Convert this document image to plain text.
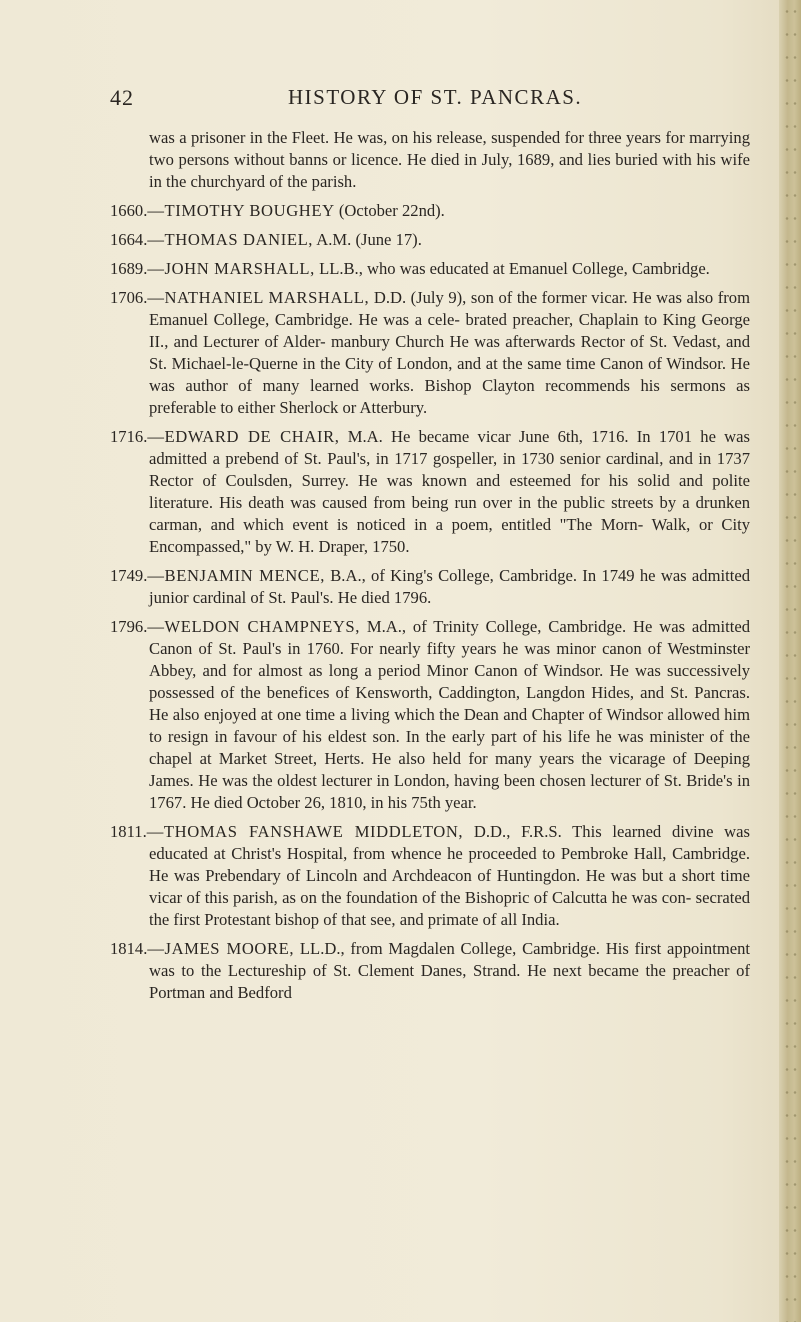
42	HISTORY OF ST. PANCRAS.

was a prisoner in the Fleet. He was, on his release, suspended for three years for marrying two persons without banns or licence. He died in July, 1689, and lies buried with his wife in the churchyard of the parish.

1660.—TIMOTHY BOUGHEY (October 22nd).

1664.—THOMAS DANIEL, A.M. (June 17).

1689.—JOHN MARSHALL, LL.B., who was educated at Emanuel College, Cambridge.

1706.—NATHANIEL MARSHALL, D.D. (July 9), son of the former vicar. He was also from Emanuel College, Cambridge. He was a cele- brated preacher, Chaplain to King George II., and Lecturer of Alder- manbury Church He was afterwards Rector of St. Vedast, and St. Michael-le-Querne in the City of London, and at the same time Canon of Windsor. He was author of many learned works. Bishop Clayton recommends his sermons as preferable to either Sherlock or Atterbury.

1716.—EDWARD DE CHAIR, M.A. He became vicar June 6th, 1716. In 1701 he was admitted a prebend of St. Paul's, in 1717 gospeller, in 1730 senior cardinal, and in 1737 Rector of Coulsden, Surrey. He was known and esteemed for his solid and polite literature. His death was caused from being run over in the public streets by a drunken carman, and which event is noticed in a poem, entitled "The Morn- Walk, or City Encompassed," by W. H. Draper, 1750.

1749.—BENJAMIN MENCE, B.A., of King's College, Cambridge. In 1749 he was admitted junior cardinal of St. Paul's. He died 1796.

1796.—WELDON CHAMPNEYS, M.A., of Trinity College, Cambridge. He was admitted Canon of St. Paul's in 1760. For nearly fifty years he was minor canon of Westminster Abbey, and for almost as long a period Minor Canon of Windsor. He was successively possessed of the benefices of Kensworth, Caddington, Langdon Hides, and St. Pancras. He also enjoyed at one time a living which the Dean and Chapter of Windsor allowed him to resign in favour of his eldest son. In the early part of his life he was minister of the chapel at Market Street, Herts. He also held for many years the vicarage of Deeping James. He was the oldest lecturer in London, having been chosen lecturer of St. Bride's in 1767. He died October 26, 1810, in his 75th year.

1811.—THOMAS FANSHAWE MIDDLETON, D.D., F.R.S. This learned divine was educated at Christ's Hospital, from whence he proceeded to Pembroke Hall, Cambridge. He was Prebendary of Lincoln and Archdeacon of Huntingdon. He was but a short time vicar of this parish, as on the foundation of the Bishopric of Calcutta he was con- secrated the first Protestant bishop of that see, and primate of all India.

1814.—JAMES MOORE, LL.D., from Magdalen College, Cambridge. His first appointment was to the Lectureship of St. Clement Danes, Strand. He next became the preacher of Portman and Bedford
